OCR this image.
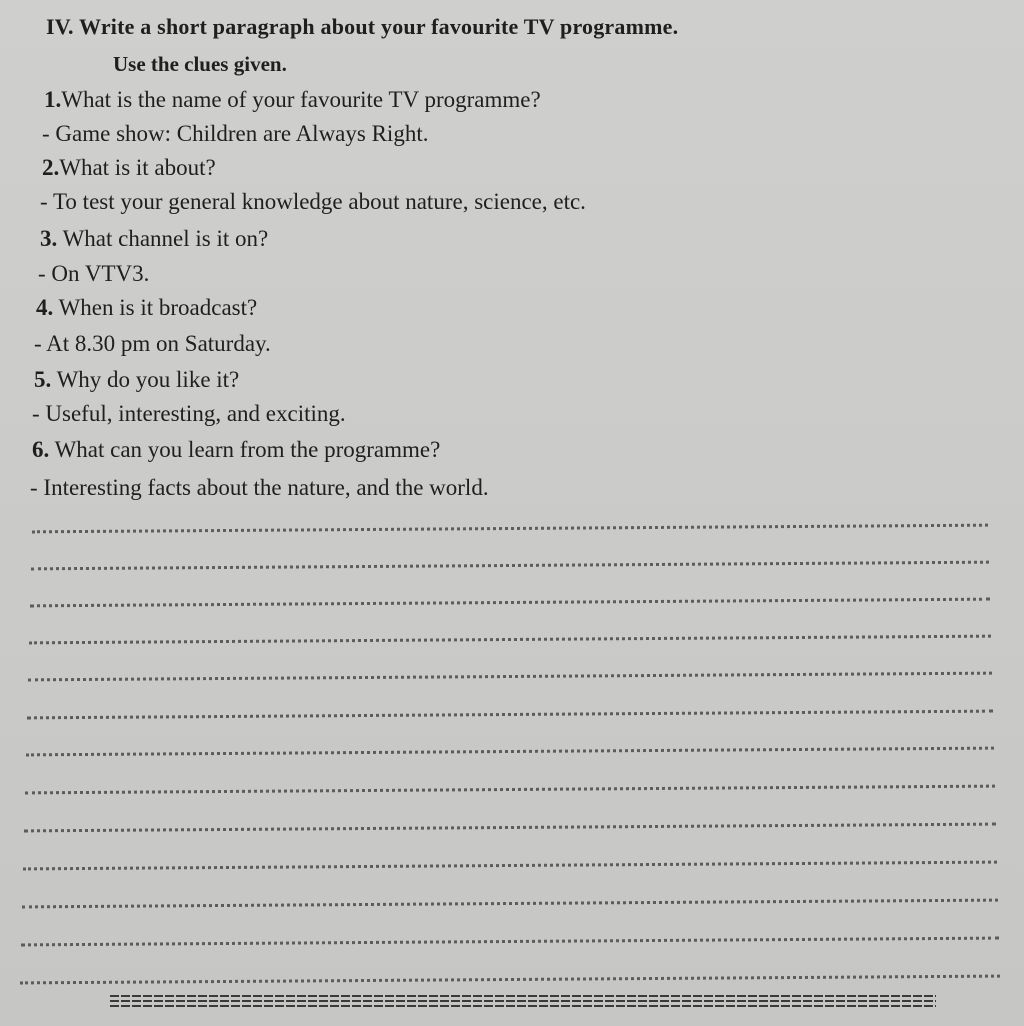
IV. Write a short paragraph about your favourite TV programme.
Use the clues given.
1.What is the name of your favourite TV programme?
- Game show: Children are Always Right.
2.What is it about?
- To test your general knowledge about nature, science, etc.
3. What channel is it on?
- On VTV3.
4. When is it broadcast?
- At 8.30 pm on Saturday.
5. Why do you like it?
- Useful, interesting, and exciting.
6. What can you learn from the programme?
- Interesting facts about the nature, and the world.
